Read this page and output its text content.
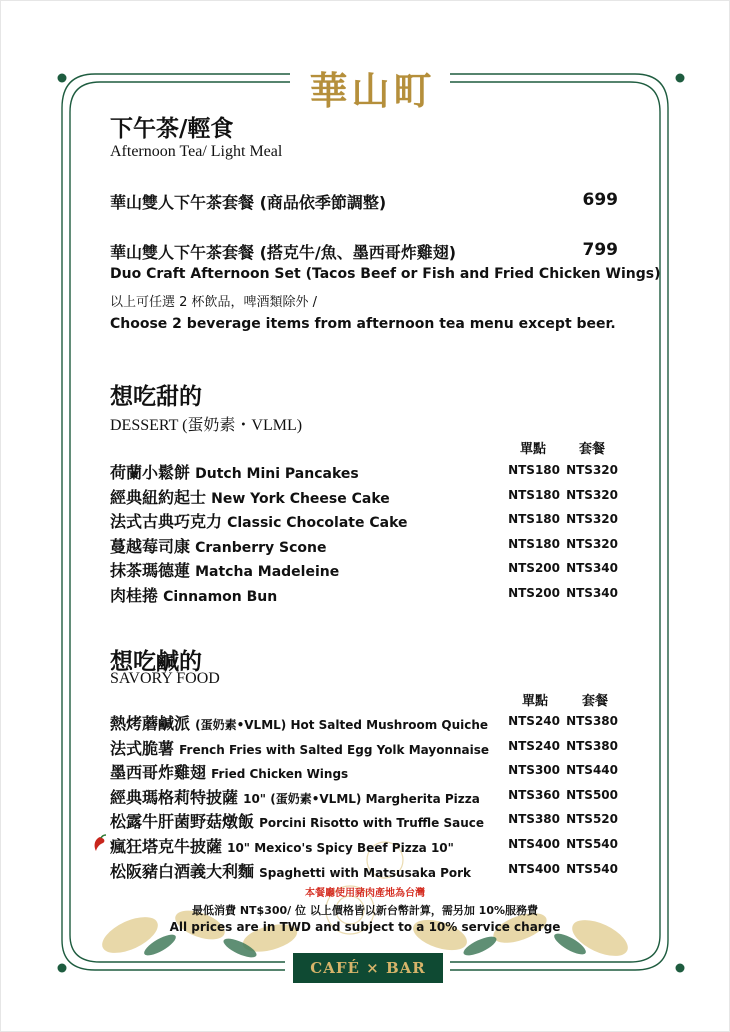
華山町
下午茶/輕食
Afternoon Tea/ Light Meal
華山雙人下午茶套餐 (商品依季節調整)	699
華山雙人下午茶套餐 (搭克牛/魚、墨西哥炸雞翅)	799
Duo Craft Afternoon Set (Tacos Beef or Fish and Fried Chicken Wings)
以上可任選 2 杯飲品，啤酒類除外 /
Choose 2 beverage items from afternoon tea menu except beer.
想吃甜的
DESSERT (蛋奶素・VLML)
單點	套餐
荷蘭小鬆餅 Dutch Mini Pancakes	NTS180 NTS320
經典紐約起士 New York Cheese Cake	NTS180 NTS320
法式古典巧克力 Classic Chocolate Cake	NTS180 NTS320
蔓越莓司康 Cranberry Scone	NTS180 NTS320
抹茶瑪德蓮 Matcha Madeleine	NTS200 NTS340
肉桂捲 Cinnamon Bun	NTS200 NTS340
想吃鹹的
SAVORY FOOD
單點	套餐
熱烤蘑鹹派 (蛋奶素•VLML) Hot Salted Mushroom Quiche NTS240 NTS380
法式脆薯 French Fries with Salted Egg Yolk Mayonnaise NTS240 NTS380
墨西哥炸雞翅 Fried Chicken Wings	NTS300 NTS440
經典瑪格莉特披薩 10" (蛋奶素•VLML) Margherita Pizza NTS360 NTS500
松露牛肝菌野菇燉飯 Porcini Risotto with Truffle Sauce NTS380 NTS520
瘋狂塔克牛披薩 10" Mexico's Spicy Beef Pizza 10"	NTS400 NTS540
松阪豬白酒義大利麵 Spaghetti with Matsusaka Pork	NTS400 NTS540
本餐廳使用豬肉產地為台灣
最低消費 NT$300/ 位 以上價格皆以新台幣計算，需另加 10%服務費
All prices are in TWD and subject to a 10% service charge
CAFÉ × BAR
